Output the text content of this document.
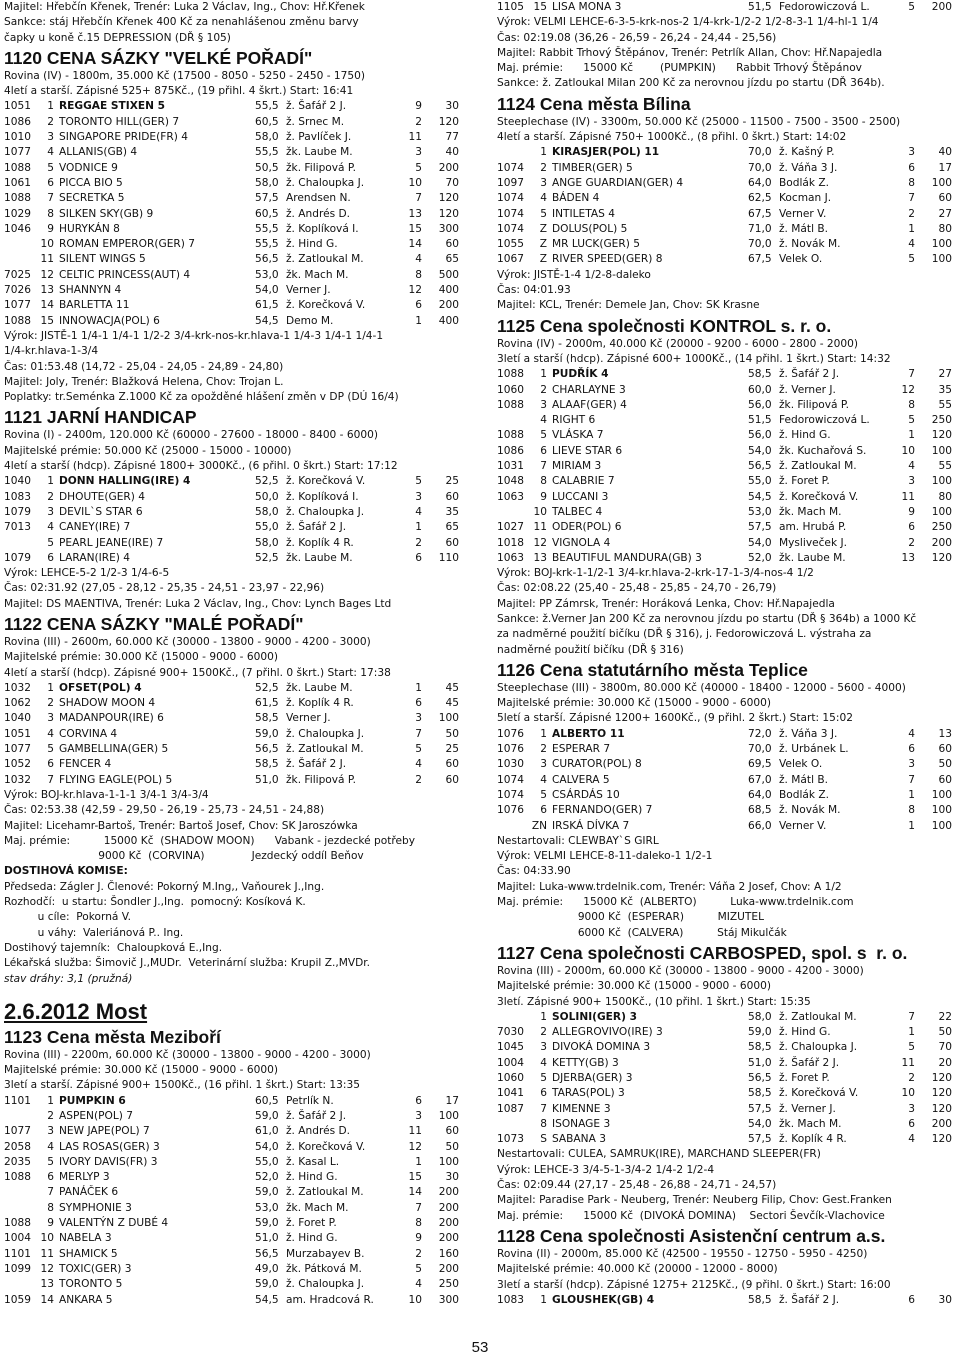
Majitel: Hřebčín Křenek, Trenér: Luka 2 Václav, Ing., Chov: Hř.Křenek
Sankce: stáj Hřebčín Křenek 400 Kč za nenahlášenou změnu barvy
čapky u koně č.15 DEPRESSION (DŘ § 105)
1120 CENA SÁZKY "VELKÉ POŘADÍ"
Rovina (IV) - 1800m, 35.000 Kč (17500 - 8050 - 5250 - 2450 - 1750)
4letí a starší. Zápisné 525+ 875Kč., (19 přihl. 4 škrt.) Start: 16:41
1051	1 REGGAE STIXEN 5	55,5 ž. Šafář 2 J.	9	30
1086	2 TORONTO HILL(GER) 7	60,5 ž. Srnec M.	2	120
1010	3 SINGAPORE PRIDE(FR) 4	58,0 ž. Pavlíček J.	11	77
1077	4 ALLANIS(GB) 4	55,5 žk. Laube M.	3	40
1088	5 VODNICE 9	50,5 žk. Filipová P.	5	200
1061	6 PICCA BIO 5	58,0 ž. Chaloupka J.	10	70
1088	7 SECRETKA 5	57,5 Arendsen N.	7	120
1029	8 SILKEN SKY(GB) 9	60,5 ž. Andrés D.	13	120
1046	9 HURYKÁN 8	55,5 ž. Koplíková I.	15	300
10 ROMAN EMPEROR(GER) 7	55,5 ž. Hind G.	14	60
11 SILENT WINGS 5	56,5 ž. Zatloukal M.	4	65
7025 12 CELTIC PRINCESS(AUT) 4	53,0 žk. Mach M.	8	500
7026 13 SHANNYN 4	54,0 Verner J.	12	400
1077 14 BARLETTA 11	61,5 ž. Korečková V.	6	200
1088 15 INNOWACJA(POL) 6	54,5 Demo M.	1	400
Výrok: JISTĚ-1 1/4-1 1/4-1 1/2-2 3/4-krk-nos-kr.hlava-1 1/4-3 1/4-1 1/4-1
1/4-kr.hlava-1-3/4
Čas: 01:53.48 (14,72 - 25,04 - 24,05 - 24,89 - 24,80)
Majitel: Joly, Trenér: Blažková Helena, Chov: Trojan L.
Poplatky: tr.Seménka Z.1000 Kč za opožděné hlášení změn v DP (DÚ 16/4)
1121 JARNÍ HANDICAP
Rovina (I) - 2400m, 120.000 Kč (60000 - 27600 - 18000 - 8400 - 6000)
Majitelské prémie: 50.000 Kč (25000 - 15000 - 10000)
4letí a starší (hdcp). Zápisné 1800+ 3000Kč., (6 přihl. 0 škrt.) Start: 17:12
1040	1 DONN HALLING(IRE) 4	52,5 ž. Korečková V.	5	25
1083	2 DHOUTE(GER) 4	50,0 ž. Koplíková I.	3	60
1079	3 DEVIL`S STAR 6	58,0 ž. Chaloupka J.	4	35
7013	4 CANEY(IRE) 7	55,0 ž. Šafář 2 J.	1	65
5 PEARL JEANE(IRE) 7	58,0 ž. Koplík 4 R.	2	60
1079	6 LARAN(IRE) 4	52,5 žk. Laube M.	6	110
Výrok: LEHCE-5-2 1/2-3 1/4-6-5
Čas: 02:31.92 (27,05 - 28,12 - 25,35 - 24,51 - 23,97 - 22,96)
Majitel: DS MAENTIVA, Trenér: Luka 2 Václav, Ing., Chov: Lynch Bages Ltd
1122 CENA SÁZKY "MALÉ POŘADÍ"
Rovina (III) - 2600m, 60.000 Kč (30000 - 13800 - 9000 - 4200 - 3000)
Majitelské prémie: 30.000 Kč (15000 - 9000 - 6000)
4letí a starší (hdcp). Zápisné 900+ 1500Kč., (7 přihl. 0 škrt.) Start: 17:38
1032	1 OFSET(POL) 4	52,5 žk. Laube M.	1	45
1062	2 SHADOW MOON 4	61,5 ž. Koplík 4 R.	6	45
1040	3 MADANPOUR(IRE) 6	58,5 Verner J.	3	100
1051	4 CORVINA 4	59,0 ž. Chaloupka J.	7	50
1077	5 GAMBELLINA(GER) 5	56,5 ž. Zatloukal M.	5	25
1052	6 FENCER 4	58,5 ž. Šafář 2 J.	4	60
1032	7 FLYING EAGLE(POL) 5	51,0 žk. Filipová P.	2	60
Výrok: BOJ-kr.hlava-1-1-1 3/4-1 3/4-3/4
Čas: 02:53.38 (42,59 - 29,50 - 26,19 - 25,73 - 24,51 - 24,88)
Majitel: Licehamr-Bartoš, Trenér: Bartoš Josef, Chov: SK Jaroszówka
Maj. prémie:          15000 Kč  (SHADOW MOON)      Vabank - jezdecké potřeby
9000 Kč  (CORVINA)              Jezdecký oddíl Beňov
DOSTIHOVÁ KOMISE:
Předseda: Zágler J. Členové: Pokorný M.Ing,, Vaňourek J.,Ing.
Rozhodčí:  u startu: Šondler J.,Ing.  pomocný: Kosíková K.
u cíle:  Pokorná V.
u váhy:  Valeriánová P.. Ing.
Dostihový tajemník:  Chaloupková E.,Ing.
Lékařská služba: Šimovič J.,MUDr.  Veterinární služba: Krupil Z.,MVDr.
stav dráhy: 3,1 (pružná)
2.6.2012 Most
1123 Cena města Meziboří
Rovina (III) - 2200m, 60.000 Kč (30000 - 13800 - 9000 - 4200 - 3000)
Majitelské prémie: 30.000 Kč (15000 - 9000 - 6000)
3letí a starší. Zápisné 900+ 1500Kč., (16 přihl. 1 škrt.) Start: 13:35
1101	1 PUMPKIN 6	60,5 Petrlík N.	6	17
2 ASPEN(POL) 7	59,0 ž. Šafář 2 J.	3	100
1077	3 NEW JAPE(POL) 7	61,0 ž. Andrés D.	11	60
2058	4 LAS ROSAS(GER) 3	54,0 ž. Korečková V.	12	50
2035	5 IVORY DAVIS(FR) 3	55,0 ž. Kasal L.	1	100
1088	6 MERLYP 3	52,0 ž. Hind G.	15	30
7 PANÁČEK 6	59,0 ž. Zatloukal M.	14	200
8 SYMPHONIE 3	53,0 žk. Mach M.	7	200
1088	9 VALENTÝN Z DUBÉ 4	59,0 ž. Foret P.	8	200
1004 10 NABELA 3	51,0 ž. Hind G.	9	200
1101 11 SHAMICK 5	56,5 Murzabayev B.	2	160
1099 12 TOXIC(GER) 3	49,0 žk. Pátková M.	5	200
13 TORONTO 5	59,0 ž. Chaloupka J.	4	250
1059 14 ANKARA 5	54,5 am. Hradcová R.	10	300
1105 15 LISA MONA 3	51,5 Fedorowiczová L.	5	200
Výrok: VELMI LEHCE-6-3-5-krk-nos-2 1/4-krk-1/2-2 1/2-8-3-1 1/4-hl-1 1/4
Čas: 02:19.08 (36,26 - 26,59 - 26,24 - 24,44 - 25,56)
Majitel: Rabbit Trhový Štěpánov, Trenér: Petrlík Allan, Chov: Hř.Napajedla
Maj. prémie:      15000 Kč        (PUMPKIN)      Rabbit Trhový Štěpánov
Sankce: ž. Zatloukal Milan 200 Kč za nerovnou jízdu po startu (DŘ 364b).
1124 Cena města Bílina
Steeplechase (IV) - 3300m, 50.000 Kč (25000 - 11500 - 7500 - 3500 - 2500)
4letí a starší. Zápisné 750+ 1000Kč., (8 přihl. 0 škrt.) Start: 14:02
1 KIRASJER(POL) 11	70,0 ž. Kašný P.	3	40
1074	2 TIMBER(GER) 5	70,0 ž. Váňa 3 J.	6	17
1097	3 ANGE GUARDIAN(GER) 4	64,0 Bodlák Z.	8	100
1074	4 BÁDEN 4	62,5 Kocman J.	7	60
1074	5 INTILETAS 4	67,5 Verner V.	2	27
1074	Z DOLUS(POL) 5	71,0 ž. Mátl B.	1	80
1055	Z MR LUCK(GER) 5	70,0 ž. Novák M.	4	100
1067	Z RIVER SPEED(GER) 8	67,5 Velek O.	5	100
Výrok: JISTĚ-1-4 1/2-8-daleko
Čas: 04:01.93
Majitel: KCL, Trenér: Demele Jan, Chov: SK Krasne
1125 Cena společnosti KONTROL s. r. o.
Rovina (IV) - 2000m, 40.000 Kč (20000 - 9200 - 6000 - 2800 - 2000)
3letí a starší (hdcp). Zápisné 600+ 1000Kč., (14 přihl. 1 škrt.) Start: 14:32
1088	1 PUDŘÍK 4	58,5 ž. Šafář 2 J.	7	27
1060	2 CHARLAYNE 3	60,0 ž. Verner J.	12	35
1088	3 ALAAF(GER) 4	56,0 žk. Filipová P.	8	55
4 RIGHT 6	51,5 Fedorowiczová L.	5	250
1088	5 VLÁSKA 7	56,0 ž. Hind G.	1	120
1086	6 LIEVE STAR 6	54,0 žk. Kuchařová S.	10	100
1031	7 MIRIAM 3	56,5 ž. Zatloukal M.	4	55
1048	8 CALABRIE 7	55,0 ž. Foret P.	3	100
1063	9 LUCCANI 3	54,5 ž. Korečková V.	11	80
10 TALBEC 4	53,0 žk. Mach M.	9	100
1027 11 ODER(POL) 6	57,5 am. Hrubá P.	6	250
1018 12 VIGNOLA 4	54,0 Mysliveček J.	2	200
1063 13 BEAUTIFUL MANDURA(GB) 3	52,0 žk. Laube M.	13	120
Výrok: BOJ-krk-1-1/2-1 3/4-kr.hlava-2-krk-17-1-3/4-nos-4 1/2
Čas: 02:08.22 (25,40 - 25,48 - 25,85 - 24,70 - 26,79)
Majitel: PP Zámrsk, Trenér: Horáková Lenka, Chov: Hř.Napajedla
Sankce: ž.Verner Jan 200 Kč za nerovnou jízdu po startu (DŘ § 364b) a 1000 Kč
za nadměrné použití bičíku (DŘ § 316), j. Fedorowiczová L. výstraha za
nadměrné použití bičíku (DŘ § 316)
1126 Cena statutárního města Teplice
Steeplechase (III) - 3800m, 80.000 Kč (40000 - 18400 - 12000 - 5600 - 4000)
Majitelské prémie: 30.000 Kč (15000 - 9000 - 6000)
5letí a starší. Zápisné 1200+ 1600Kč., (9 přihl. 2 škrt.) Start: 15:02
1076	1 ALBERTO 11	72,0 ž. Váňa 3 J.	4	13
1076	2 ESPERAR 7	70,0 ž. Urbánek L.	6	60
1030	3 CURATOR(POL) 8	69,5 Velek O.	3	50
1074	4 CALVERA 5	67,0 ž. Mátl B.	7	60
1074	5 CSÁRDÁS 10	64,0 Bodlák Z.	1	100
1076	6 FERNANDO(GER) 7	68,5 ž. Novák M.	8	100
ZN IRSKÁ DÍVKA 7	66,0 Verner V.	1	100
Nestartovali: CLEWBAY`S GIRL
Výrok: VELMI LEHCE-8-11-daleko-1 1/2-1
Čas: 04:33.90
Majitel: Luka-www.trdelnik.com, Trenér: Váňa 2 Josef, Chov: A 1/2
Maj. prémie:      15000 Kč  (ALBERTO)          Luka-www.trdelnik.com
9000 Kč  (ESPERAR)          MIZUTEL
6000 Kč  (CALVERA)          Stáj Mikulčák
1127 Cena společnosti CARBOSPED, spol. s  r. o.
Rovina (III) - 2000m, 60.000 Kč (30000 - 13800 - 9000 - 4200 - 3000)
Majitelské prémie: 30.000 Kč (15000 - 9000 - 6000)
3letí. Zápisné 900+ 1500Kč., (10 přihl. 1 škrt.) Start: 15:35
1 SOLINI(GER) 3	58,0 ž. Zatloukal M.	7	22
7030	2 ALLEGROVIVO(IRE) 3	59,0 ž. Hind G.	1	50
1045	3 DIVOKÁ DOMINA 3	58,5 ž. Chaloupka J.	5	70
1004	4 KETTY(GB) 3	51,0 ž. Šafář 2 J.	11	20
1060	5 DJERBA(GER) 3	56,5 ž. Foret P.	2	120
1041	6 TARAS(POL) 3	58,5 ž. Korečková V.	10	120
1087	7 KIMENNE 3	57,5 ž. Verner J.	3	120
8 ISONAGE 3	54,0 žk. Mach M.	6	200
1073	S SABANA 3	57,5 ž. Koplík 4 R.	4	120
Nestartovali: CULEA, SAMRUK(IRE), MARCHAND SLEEPER(FR)
Výrok: LEHCE-3 3/4-5-1-3/4-2 1/4-2 1/2-4
Čas: 02:09.44 (27,17 - 25,48 - 26,88 - 24,71 - 24,57)
Majitel: Paradise Park - Neuberg, Trenér: Neuberg Filip, Chov: Gest.Franken
Maj. prémie:      15000 Kč  (DIVOKÁ DOMINA)    Sectori Ševčík-Vlachovice
1128 Cena společnosti Asistenční centrum a.s.
Rovina (II) - 2000m, 85.000 Kč (42500 - 19550 - 12750 - 5950 - 4250)
Majitelské prémie: 40.000 Kč (20000 - 12000 - 8000)
3letí a starší (hdcp). Zápisné 1275+ 2125Kč., (9 přihl. 0 škrt.) Start: 16:00
1083	1 GLOUSHEK(GB) 4	58,5 ž. Šafář 2 J.	6	30
53
